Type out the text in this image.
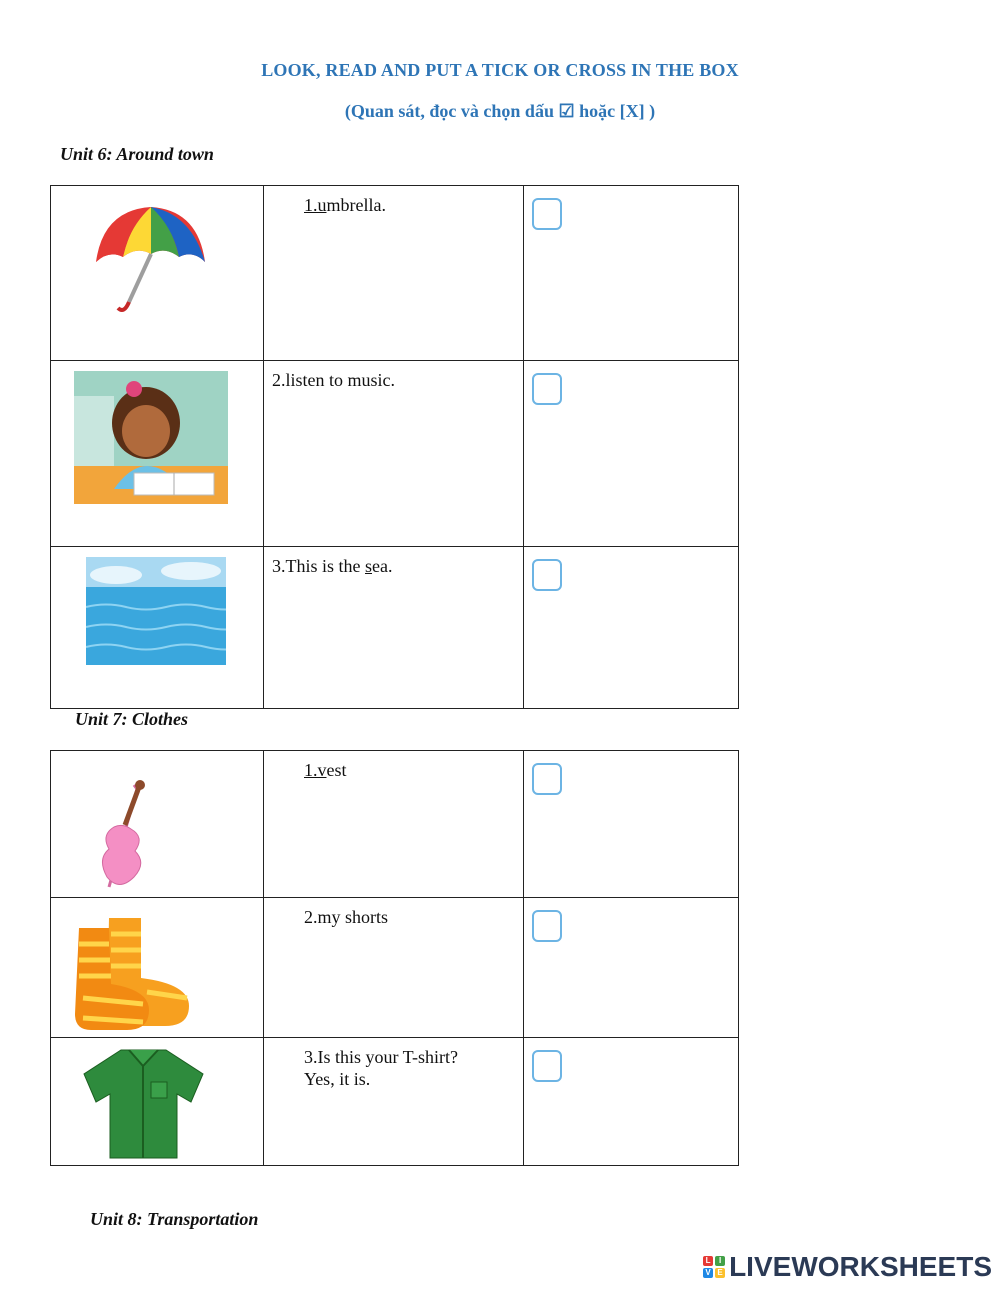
LOOK, READ AND PUT A TICK OR CROSS IN THE BOX
(Quan sát, đọc và chọn dấu ☑ hoặc [X] )
Unit 6: Around town

1.umbrella.	

2.listen to music.	

3.This is the sea.	

Unit 7: Clothes

1.vest	

2.my shorts	

3.Is this your T-shirt?
Yes, it is.	

Unit 8: Transportation
L	I
V E LIVEWORKSHEETS
